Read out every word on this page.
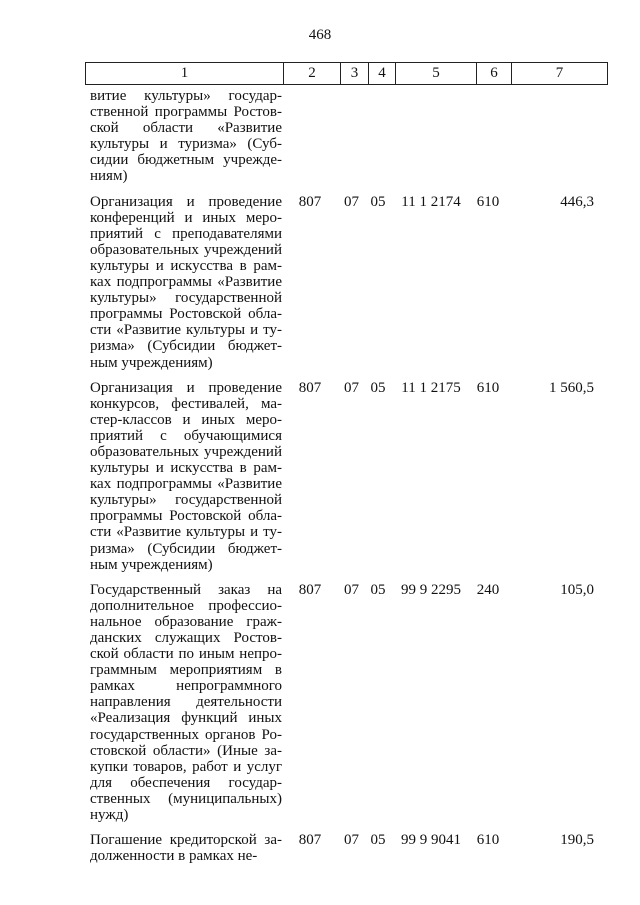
468
1	2	3	4	5	6	7
витие культуры» государ-
ственной программы Ростов-
ской области «Развитие
культуры и туризма» (Суб-
сидии бюджетным учрежде-
ниям)
Организация и проведение
конференций и иных меро-
приятий с преподавателями
образовательных учреждений
культуры и искусства в рам-
ках подпрограммы «Развитие
культуры» государственной
программы Ростовской обла-
сти «Развитие культуры и ту-
ризма» (Субсидии бюджет-
ным учреждениям)
807	07 05	11 1 2174	610	446,3
Организация и проведение
конкурсов, фестивалей, ма-
стер-классов и иных меро-
приятий с обучающимися
образовательных учреждений
культуры и искусства в рам-
ках подпрограммы «Развитие
культуры» государственной
программы Ростовской обла-
сти «Развитие культуры и ту-
ризма» (Субсидии бюджет-
ным учреждениям)
807	07 05	11 1 2175	610	1 560,5
Государственный заказ на
дополнительное профессио-
нальное образование граж-
данских служащих Ростов-
ской области по иным непро-
граммным мероприятиям в
рамках непрограммного
направления деятельности
«Реализация функций иных
государственных органов Ро-
стовской области» (Иные за-
купки товаров, работ и услуг
для обеспечения государ-
ственных (муниципальных)
нужд)
807	07 05	99 9 2295	240	105,0
Погашение кредиторской за-
долженности в рамках не-
807	07 05	99 9 9041	610	190,5
